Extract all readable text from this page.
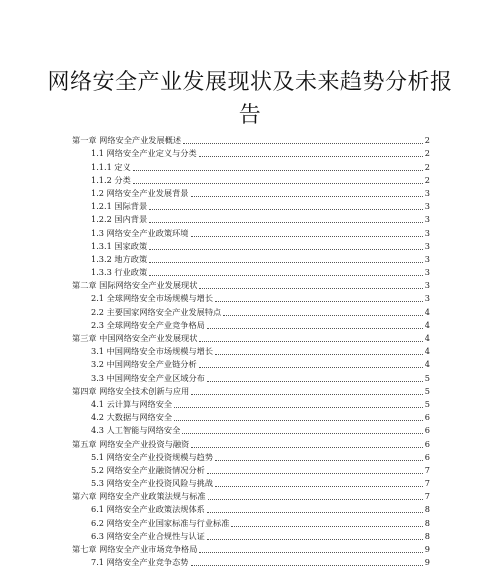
网络安全产业发展现状及未来趋势分析报
告
第一章 网络安全产业发展概述	2
1.1 网络安全产业定义与分类	2
1.1.1 定义	2
1.1.2 分类	2
1.2 网络安全产业发展背景	3
1.2.1 国际背景	3
1.2.2 国内背景	3
1.3 网络安全产业政策环境	3
1.3.1 国家政策	3
1.3.2 地方政策	3
1.3.3 行业政策	3
第二章 国际网络安全产业发展现状	3
2.1 全球网络安全市场规模与增长	3
2.2 主要国家网络安全产业发展特点	4
2.3 全球网络安全产业竞争格局	4
第三章 中国网络安全产业发展现状	4
3.1 中国网络安全市场规模与增长	4
3.2 中国网络安全产业链分析	4
3.3 中国网络安全产业区域分布	5
第四章 网络安全技术创新与应用	5
4.1 云计算与网络安全	5
4.2 大数据与网络安全	6
4.3 人工智能与网络安全	6
第五章 网络安全产业投资与融资	6
5.1 网络安全产业投资规模与趋势	6
5.2 网络安全产业融资情况分析	7
5.3 网络安全产业投资风险与挑战	7
第六章 网络安全产业政策法规与标准	7
6.1 网络安全产业政策法规体系	8
6.2 网络安全产业国家标准与行业标准	8
6.3 网络安全产业合规性与认证	8
第七章 网络安全产业市场竞争格局	9
7.1 网络安全产业竞争态势	9
